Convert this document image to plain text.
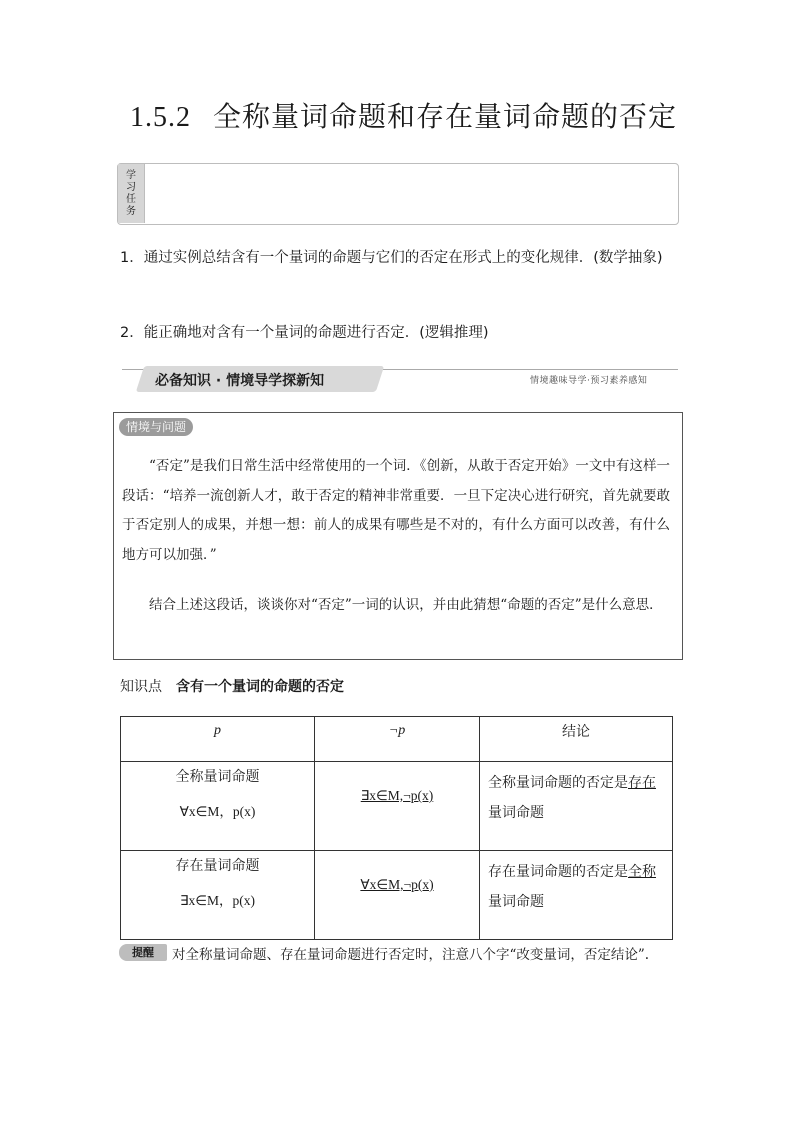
1.5.2 全称量词命题和存在量词命题的否定
学
习
任
务
1．通过实例总结含有一个量词的命题与它们的否定在形式上的变化规律．(数学抽象)
2．能正确地对含有一个量词的命题进行否定．(逻辑推理)
必备知识 · 情境导学探新知	情境趣味导学·预习素养感知
情境与问题
“否定”是我们日常生活中经常使用的一个词．《创新，从敢于否定开始》一文中有这样一段话：“培养一流创新人才，敢于否定的精神非常重要．一旦下定决心进行研究，首先就要敢于否定别人的成果，并想一想：前人的成果有哪些是不对的，有什么方面可以改善，有什么地方可以加强．”
结合上述这段话，谈谈你对“否定”一词的认识，并由此猜想“命题的否定”是什么意思．
知识点 含有一个量词的命题的否定
p	¬p	结论

全称量词命题
∀x∈M，p(x)	∃x∈M,¬p(x)	全称量词命题的否定是存在量词命题

存在量词命题
∃x∈M，p(x)	∀x∈M,¬p(x)	存在量词命题的否定是全称量词命题
对全称量词命题、存在量词命题进行否定时，注意八个字“改变量词，否定结论”.
提醒
